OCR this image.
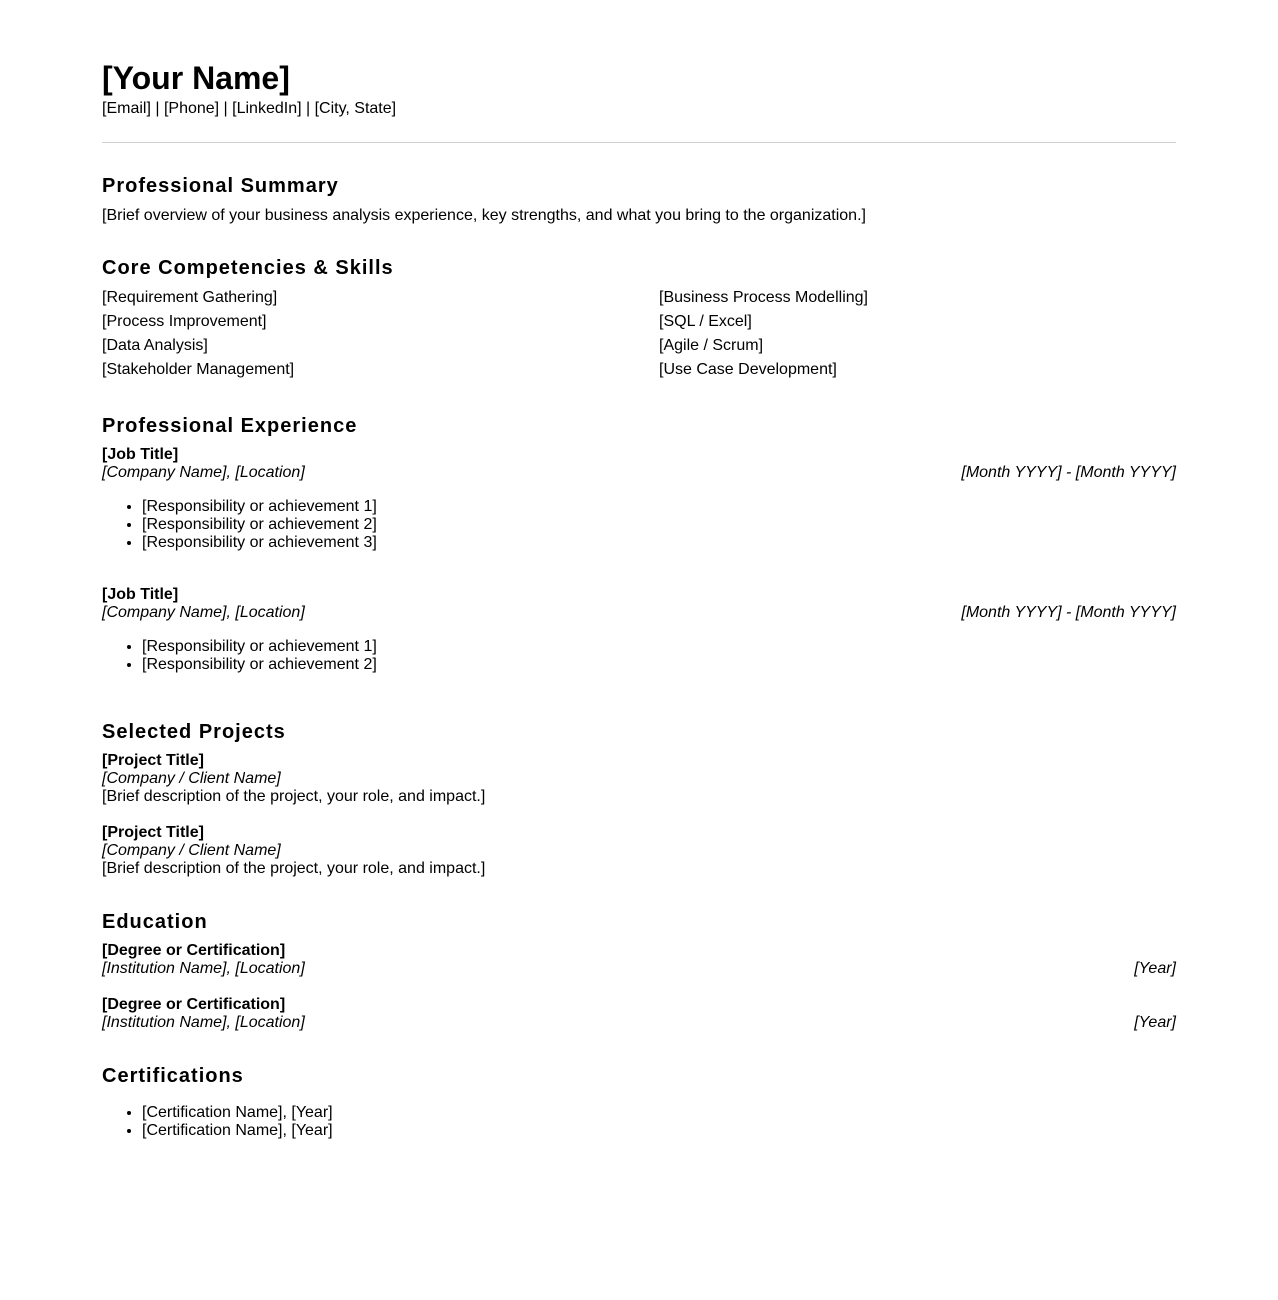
[Your Name]
[Email] | [Phone] | [LinkedIn] | [City, State]
Professional Summary
[Brief overview of your business analysis experience, key strengths, and what you bring to the organization.]
Core Competencies & Skills
[Requirement Gathering]	[Business Process Modelling]
[Process Improvement]	[SQL / Excel]
[Data Analysis]	[Agile / Scrum]
[Stakeholder Management]	[Use Case Development]
Professional Experience
[Job Title]
[Company Name], [Location]	[Month YYYY] - [Month YYYY]
• [Responsibility or achievement 1]
• [Responsibility or achievement 2]
• [Responsibility or achievement 3]
[Job Title]
[Company Name], [Location]	[Month YYYY] - [Month YYYY]
• [Responsibility or achievement 1]
• [Responsibility or achievement 2]
Selected Projects
[Project Title]
[Company / Client Name]
[Brief description of the project, your role, and impact.]
[Project Title]
[Company / Client Name]
[Brief description of the project, your role, and impact.]
Education
[Degree or Certification]
[Institution Name], [Location]	[Year]
[Degree or Certification]
[Institution Name], [Location]	[Year]
Certifications
• [Certification Name], [Year]
• [Certification Name], [Year]
